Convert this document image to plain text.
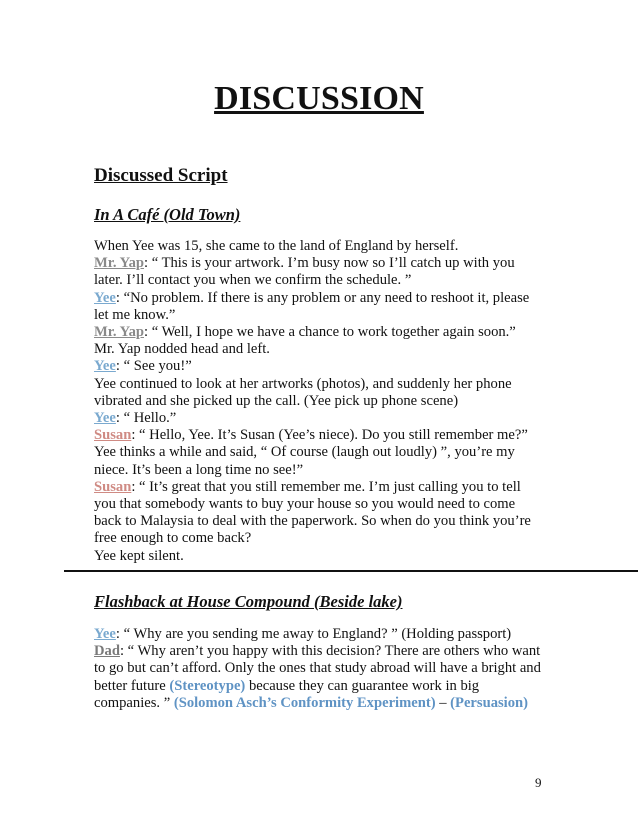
DISCUSSION
Discussed Script
In A Café (Old Town)
When Yee was 15, she came to the land of England by herself.
Mr. Yap: “ This is your artwork. I’m busy now so I’ll catch up with you
later. I’ll contact you when we confirm the schedule. ”
Yee: “No problem. If there is any problem or any need to reshoot it, please
let me know.”
Mr. Yap: “ Well, I hope we have a chance to work together again soon.”
Mr. Yap nodded head and left.
Yee: “ See you!”
Yee continued to look at her artworks (photos), and suddenly her phone
vibrated and she picked up the call. (Yee pick up phone scene)
Yee: “ Hello.”
Susan: “ Hello, Yee. It’s Susan (Yee’s niece). Do you still remember me?”
Yee thinks a while and said, “ Of course (laugh out loudly) ”, you’re my
niece. It’s been a long time no see!”
Susan: “ It’s great that you still remember me. I’m just calling you to tell
you that somebody wants to buy your house so you would need to come
back to Malaysia to deal with the paperwork. So when do you think you’re
free enough to come back?
Yee kept silent.
Flashback at House Compound (Beside lake)
Yee: “ Why are you sending me away to England? ” (Holding passport)
Dad: “ Why aren’t you happy with this decision? There are others who want
to go but can’t afford. Only the ones that study abroad will have a bright and
better future (Stereotype) because they can guarantee work in big
companies. ” (Solomon Asch’s Conformity Experiment) – (Persuasion)
9
